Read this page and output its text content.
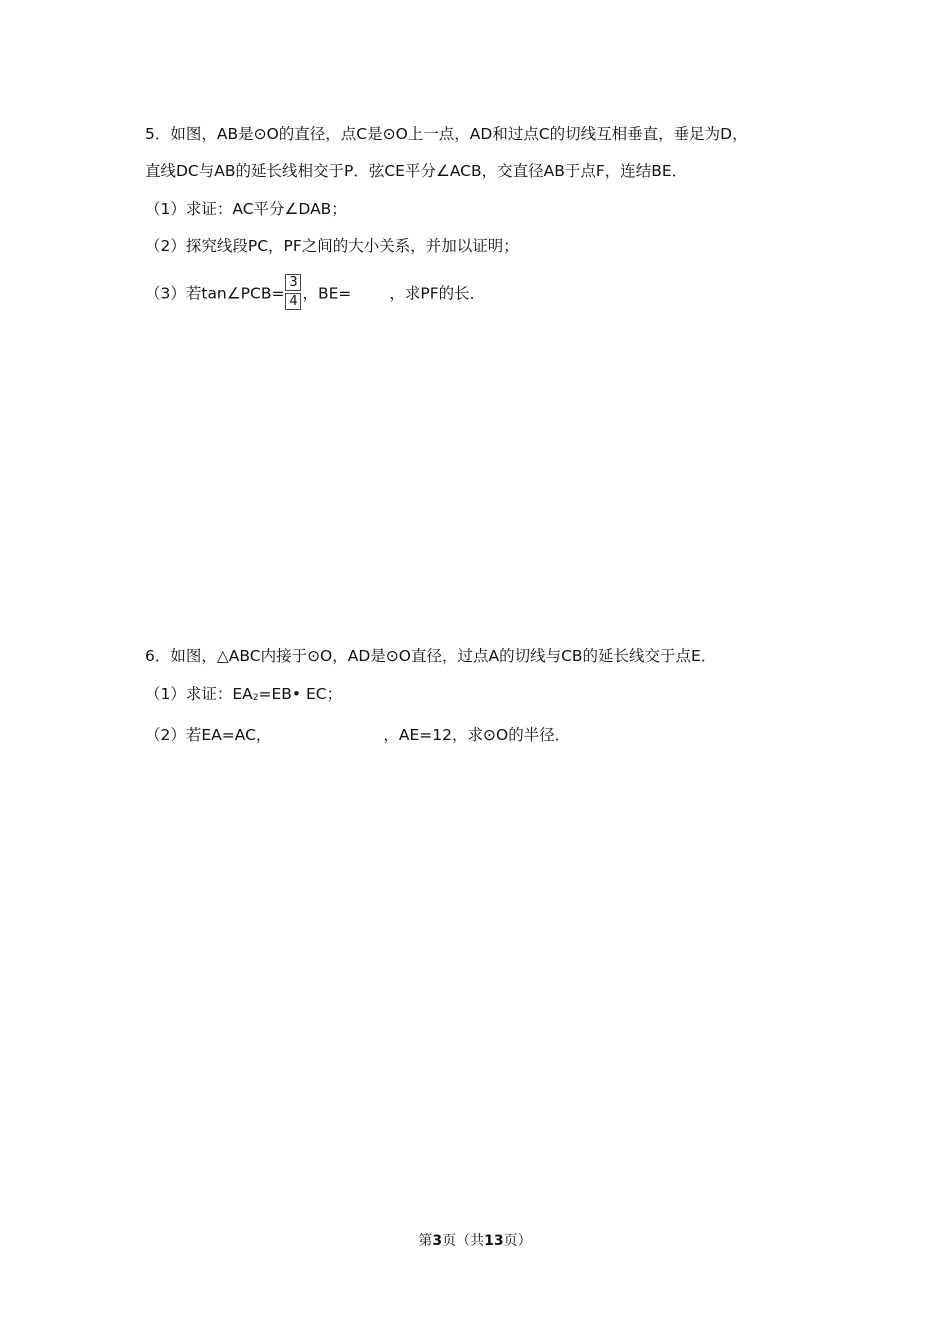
5．如图，AB是⊙O的直径，点C是⊙O上一点，AD和过点C的切线互相垂直，垂足为D，
直线DC与AB的延长线相交于P．弦CE平分∠ACB，交直径AB于点F，连结BE．
（1）求证：AC平分∠DAB；
（2）探究线段PC，PF之间的大小关系，并加以证明；
（3）若tan∠PCB= $\frac{3}{4}$ ，BE= ，求PF的长．
6．如图，△ABC内接于⊙O，AD是⊙O直径，过点A的切线与CB的延长线交于点E．
（1）求证：EA2=EB• EC；
（2）若EA=AC，	，AE=12，求⊙O的半径．
第3页（共13页）
